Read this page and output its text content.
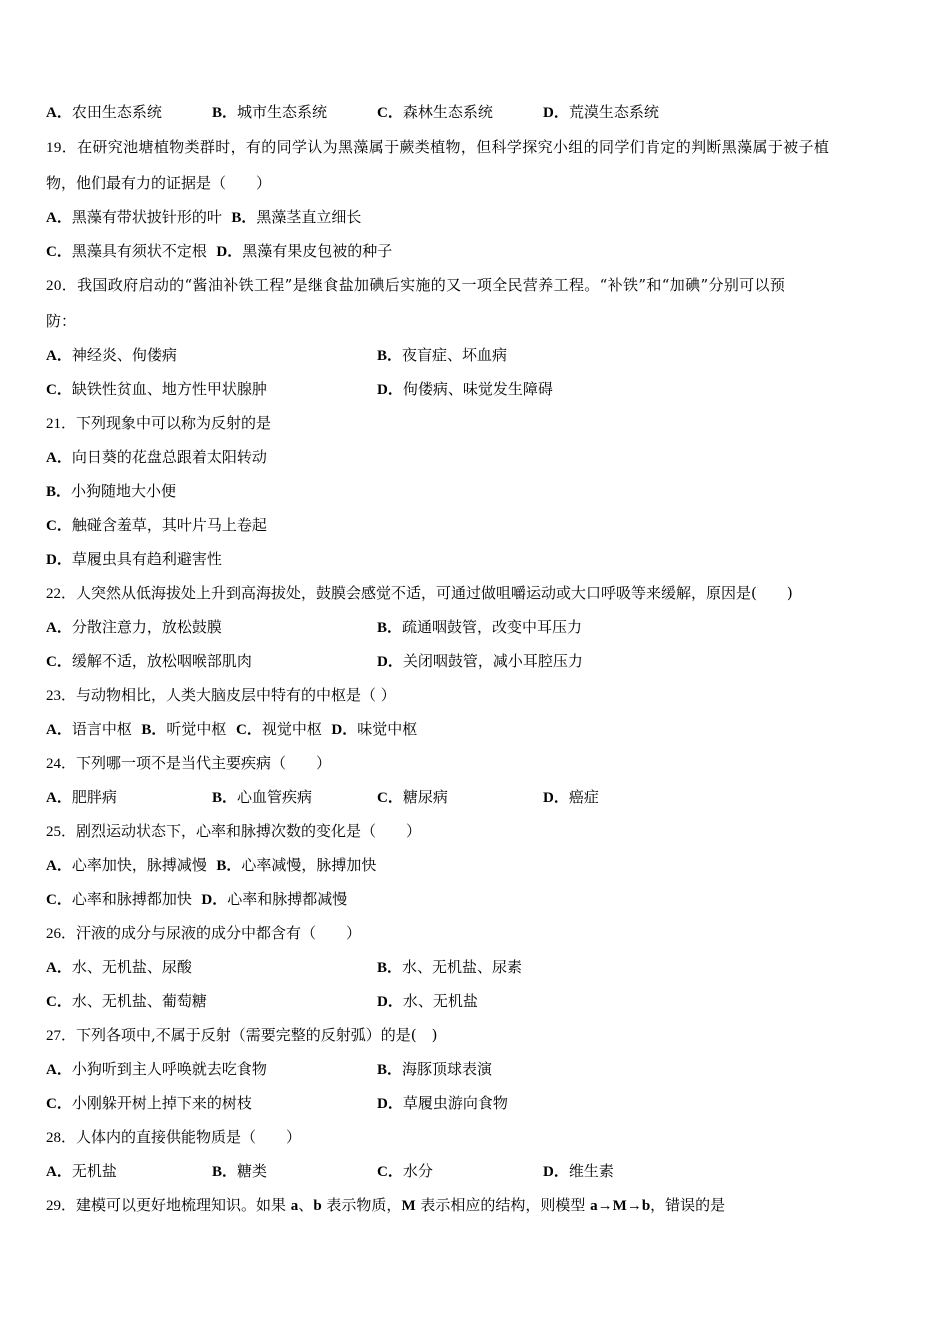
A．农田生态系统	B．城市生态系统	C．森林生态系统	D．荒漠生态系统
19．在研究池塘植物类群时，有的同学认为黑藻属于蕨类植物，但科学探究小组的同学们肯定的判断黑藻属于被子植
物，他们最有力的证据是（　　）
A．黑藻有带状披针形的叶 B．黑藻茎直立细长
C．黑藻具有须状不定根 D．黑藻有果皮包被的种子
20．我国政府启动的“酱油补铁工程”是继食盐加碘后实施的又一项全民营养工程。“补铁”和“加碘”分别可以预
防：
A．神经炎、佝偻病	B．夜盲症、坏血病
C．缺铁性贫血、地方性甲状腺肿	D．佝偻病、味觉发生障碍
21．下列现象中可以称为反射的是
A．向日葵的花盘总跟着太阳转动
B．小狗随地大小便
C．触碰含羞草，其叶片马上卷起
D．草履虫具有趋利避害性
22．人突然从低海拔处上升到高海拔处，鼓膜会感觉不适，可通过做咀嚼运动或大口呼吸等来缓解，原因是(　　)
A．分散注意力，放松鼓膜	B．疏通咽鼓管，改变中耳压力
C．缓解不适，放松咽喉部肌肉	D．关闭咽鼓管，减小耳腔压力
23．与动物相比，人类大脑皮层中特有的中枢是（ ）
A．语言中枢 B．听觉中枢 C．视觉中枢 D．味觉中枢
24．下列哪一项不是当代主要疾病（　　）
A．肥胖病	B．心血管疾病	C．糖尿病	D．癌症
25．剧烈运动状态下，心率和脉搏次数的变化是（　　）
A．心率加快，脉搏减慢 B．心率减慢，脉搏加快
C．心率和脉搏都加快 D．心率和脉搏都减慢
26．汗液的成分与尿液的成分中都含有（　　）
A．水、无机盐、尿酸	B．水、无机盐、尿素
C．水、无机盐、葡萄糖	D．水、无机盐
27．下列各项中,不属于反射（需要完整的反射弧）的是(　)
A．小狗听到主人呼唤就去吃食物	B．海豚顶球表演
C．小刚躲开树上掉下来的树枝	D．草履虫游向食物
28．人体内的直接供能物质是（　　）
A．无机盐	B．糖类	C．水分	D．维生素
29．建模可以更好地梳理知识。如果 a、b 表示物质，M 表示相应的结构，则模型 a→M→b，错误的是
